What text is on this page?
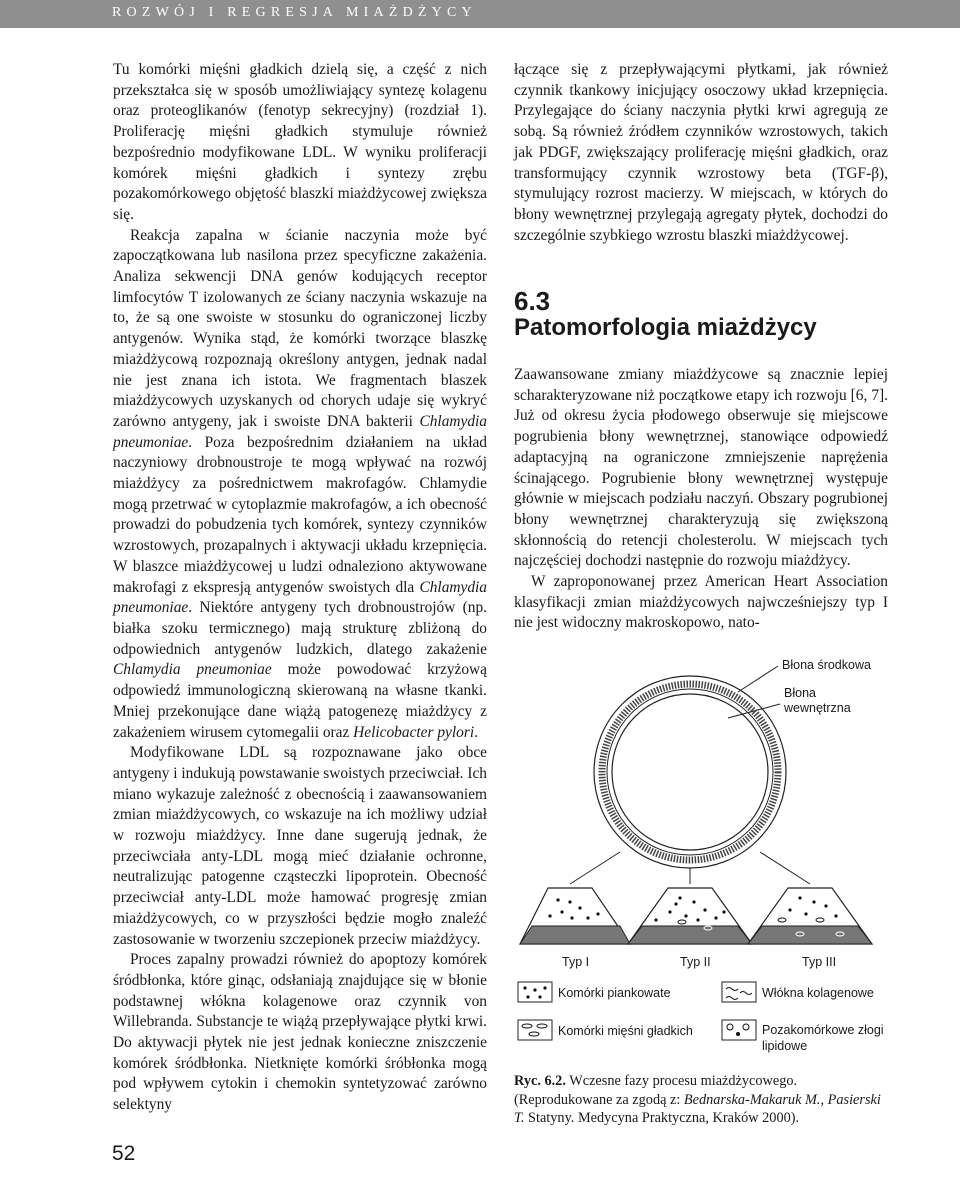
ROZWÓJ I REGRESJA MIAŻDŻYCY

Tu komórki mięśni gładkich dzielą się, a część z nich przekształca się w sposób umożliwiający syntezę kolagenu oraz proteoglikanów (fenotyp sekrecyjny) (rozdział 1). Proliferację mięśni gładkich stymuluje również bezpośrednio modyfikowane LDL. W wyniku proliferacji komórek mięśni gładkich i syntezy zrębu pozakomórkowego objętość blaszki miażdżycowej zwiększa się.

Reakcja zapalna w ścianie naczynia może być zapoczątkowana lub nasilona przez specyficzne zakażenia. Analiza sekwencji DNA genów kodujących receptor limfocytów T izolowanych ze ściany naczynia wskazuje na to, że są one swoiste w stosunku do ograniczonej liczby antygenów. Wynika stąd, że komórki tworzące blaszkę miażdżycową rozpoznają określony antygen, jednak nadal nie jest znana ich istota. We fragmentach blaszek miażdżycowych uzyskanych od chorych udaje się wykryć zarówno antygeny, jak i swoiste DNA bakterii Chlamydia pneumoniae. Poza bezpośrednim działaniem na układ naczyniowy drobnoustroje te mogą wpływać na rozwój miażdżycy za pośrednictwem makrofagów. Chlamydie mogą przetrwać w cytoplazmie makrofagów, a ich obecność prowadzi do pobudzenia tych komórek, syntezy czynników wzrostowych, prozapalnych i aktywacji układu krzepnięcia. W blaszce miażdżycowej u ludzi odnaleziono aktywowane makrofagi z ekspresją antygenów swoistych dla Chlamydia pneumoniae. Niektóre antygeny tych drobnoustrojów (np. białka szoku termicznego) mają strukturę zbliżoną do odpowiednich antygenów ludzkich, dlatego zakażenie Chlamydia pneumoniae może powodować krzyżową odpowiedź immunologiczną skierowaną na własne tkanki. Mniej przekonujące dane wiążą patogenezę miażdżycy z zakażeniem wirusem cytomegalii oraz Helicobacter pylori.

Modyfikowane LDL są rozpoznawane jako obce antygeny i indukują powstawanie swoistych przeciwciał. Ich miano wykazuje zależność z obecnością i zaawansowaniem zmian miażdżycowych, co wskazuje na ich możliwy udział w rozwoju miażdżycy. Inne dane sugerują jednak, że przeciwciała anty-LDL mogą mieć działanie ochronne, neutralizując patogenne cząsteczki lipoprotein. Obecność przeciwciał anty-LDL może hamować progresję zmian miażdżycowych, co w przyszłości będzie mogło znaleźć zastosowanie w tworzeniu szczepionek przeciw miażdżycy.

Proces zapalny prowadzi również do apoptozy komórek śródbłonka, które ginąc, odsłaniają znajdujące się w błonie podstawnej włókna kolagenowe oraz czynnik von Willebranda. Substancje te wiążą przepływające płytki krwi. Do aktywacji płytek nie jest jednak konieczne zniszczenie komórek śródbłonka. Nietknięte komórki śróbłonka mogą pod wpływem cytokin i chemokin syntetyzować zarówno selektyny

łączące się z przepływającymi płytkami, jak również czynnik tkankowy inicjujący osoczowy układ krzepnięcia. Przylegające do ściany naczynia płytki krwi agregują ze sobą. Są również źródłem czynników wzrostowych, takich jak PDGF, zwiększający proliferację mięśni gładkich, oraz transformujący czynnik wzrostowy beta (TGF-β), stymulujący rozrost macierzy. W miejscach, w których do błony wewnętrznej przylegają agregaty płytek, dochodzi do szczególnie szybkiego wzrostu blaszki miażdżycowej.

6.3
Patomorfologia miażdżycy

Zaawansowane zmiany miażdżycowe są znacznie lepiej scharakteryzowane niż początkowe etapy ich rozwoju [6, 7]. Już od okresu życia płodowego obserwuje się miejscowe pogrubienia błony wewnętrznej, stanowiące odpowiedź adaptacyjną na ograniczone zmniejszenie naprężenia ścinającego. Pogrubienie błony wewnętrznej występuje głównie w miejscach podziału naczyń. Obszary pogrubionej błony wewnętrznej charakteryzują się zwiększoną skłonnością do retencji cholesterolu. W miejscach tych najczęściej dochodzi następnie do rozwoju miażdżycy.

W zaproponowanej przez American Heart Association klasyfikacji zmian miażdżycowych najwcześniejszy typ I nie jest widoczny makroskopowo, nato-

Błona środkowa
Błona
wewnętrzna
Typ I	Typ II	Typ III
Komórki piankowate	Włókna kolagenowe
Komórki mięśni gładkich	Pozakomórkowe złogi
lipidowe
Ryc. 6.2. Wczesne fazy procesu miażdżycowego. (Reprodukowane za zgodą z: Bednarska-Makaruk M., Pasierski T. Statyny. Medycyna Praktyczna, Kraków 2000).
52
